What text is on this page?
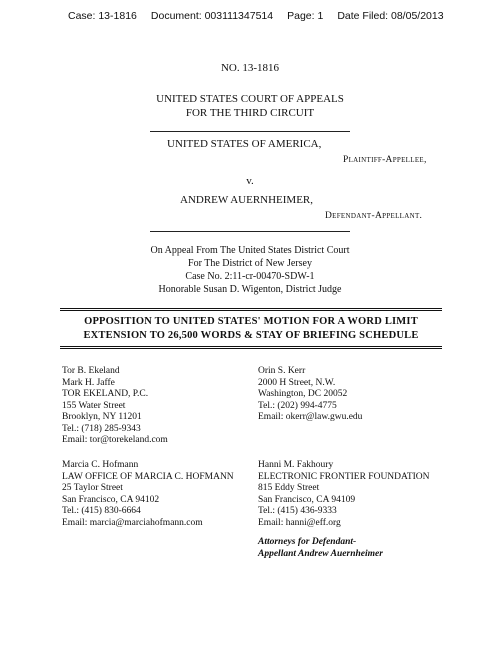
Case: 13-1816 Document: 003111347514 Page: 1 Date Filed: 08/05/2013
NO. 13-1816
UNITED STATES COURT OF APPEALS
FOR THE THIRD CIRCUIT
UNITED STATES OF AMERICA,
Plaintiff-Appellee,
v.
ANDREW AUERNHEIMER,
Defendant-Appellant.
On Appeal From The United States District Court
For The District of New Jersey
Case No. 2:11-cr-00470-SDW-1
Honorable Susan D. Wigenton, District Judge
OPPOSITION TO UNITED STATES' MOTION FOR A WORD LIMIT
EXTENSION TO 26,500 WORDS & STAY OF BRIEFING SCHEDULE
Tor B. Ekeland
Mark H. Jaffe
TOR EKELAND, P.C.
155 Water Street
Brooklyn, NY 11201
Tel.: (718) 285-9343
Email: tor@torekeland.com
Orin S. Kerr
2000 H Street, N.W.
Washington, DC 20052
Tel.: (202) 994-4775
Email: okerr@law.gwu.edu
Marcia C. Hofmann
LAW OFFICE OF MARCIA C. HOFMANN
25 Taylor Street
San Francisco, CA 94102
Tel.: (415) 830-6664
Email: marcia@marciahofmann.com
Hanni M. Fakhoury
ELECTRONIC FRONTIER FOUNDATION
815 Eddy Street
San Francisco, CA 94109
Tel.: (415) 436-9333
Email: hanni@eff.org
Attorneys for Defendant-
Appellant Andrew Auernheimer
